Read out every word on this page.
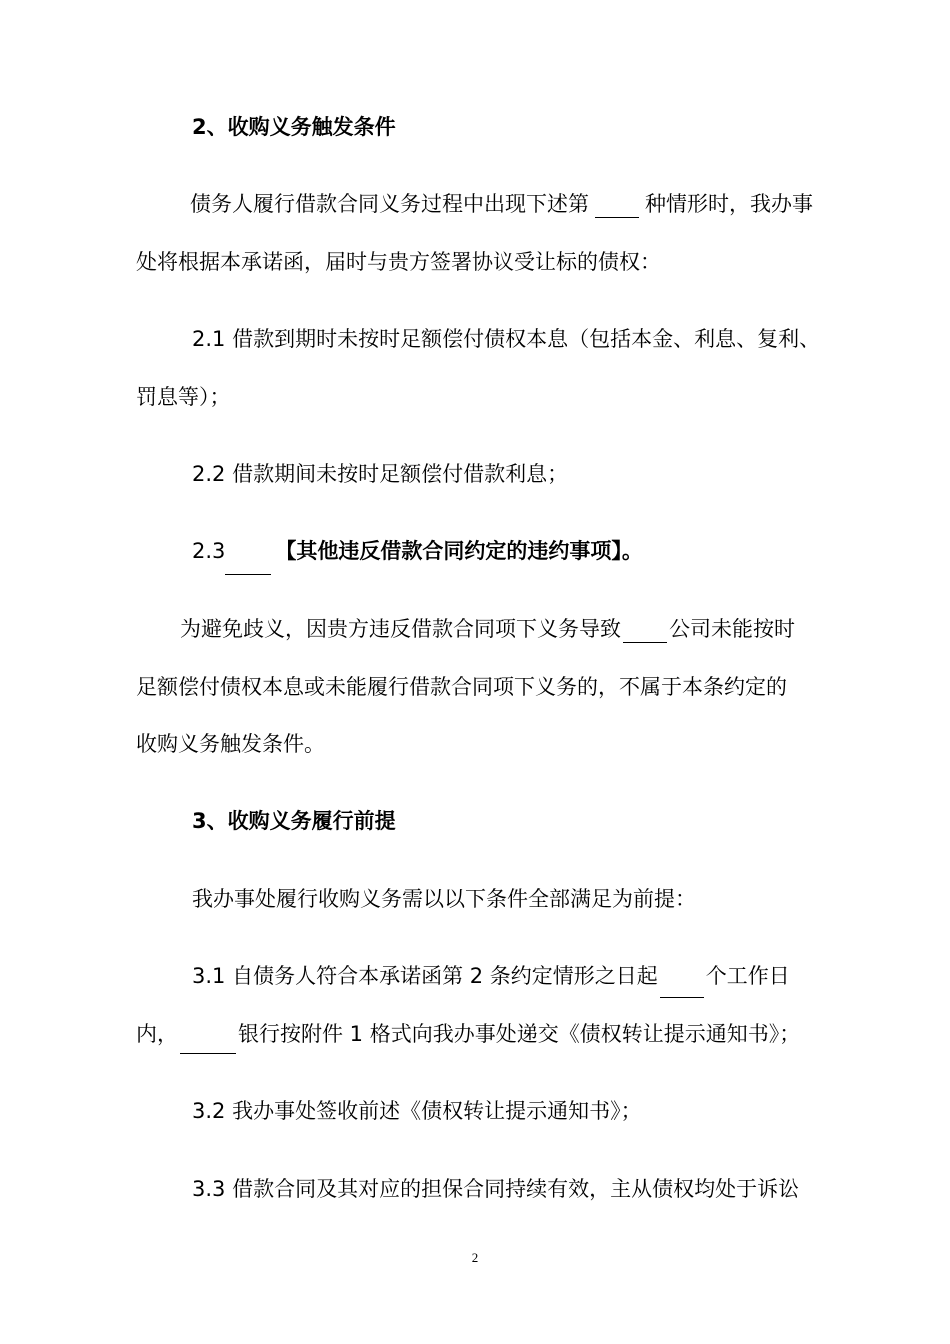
2、收购义务触发条件
债务人履行借款合同义务过程中出现下述第	种情形时，我办事
处将根据本承诺函，届时与贵方签署协议受让标的债权：
2.1 借款到期时未按时足额偿付债权本息（包括本金、利息、复利、
罚息等）；
2.2 借款期间未按时足额偿付借款利息；
2.3 【其他违反借款合同约定的违约事项】。
为避免歧义，因贵方违反借款合同项下义务导致 公司未能按时
足额偿付债权本息或未能履行借款合同项下义务的，不属于本条约定的
收购义务触发条件。
3、收购义务履行前提
我办事处履行收购义务需以以下条件全部满足为前提：
3.1 自债务人符合本承诺函第 2 条约定情形之日起 个工作日
内，	银行按附件 1 格式向我办事处递交《债权转让提示通知书》；
3.2 我办事处签收前述《债权转让提示通知书》；
3.3 借款合同及其对应的担保合同持续有效，主从债权均处于诉讼
2
